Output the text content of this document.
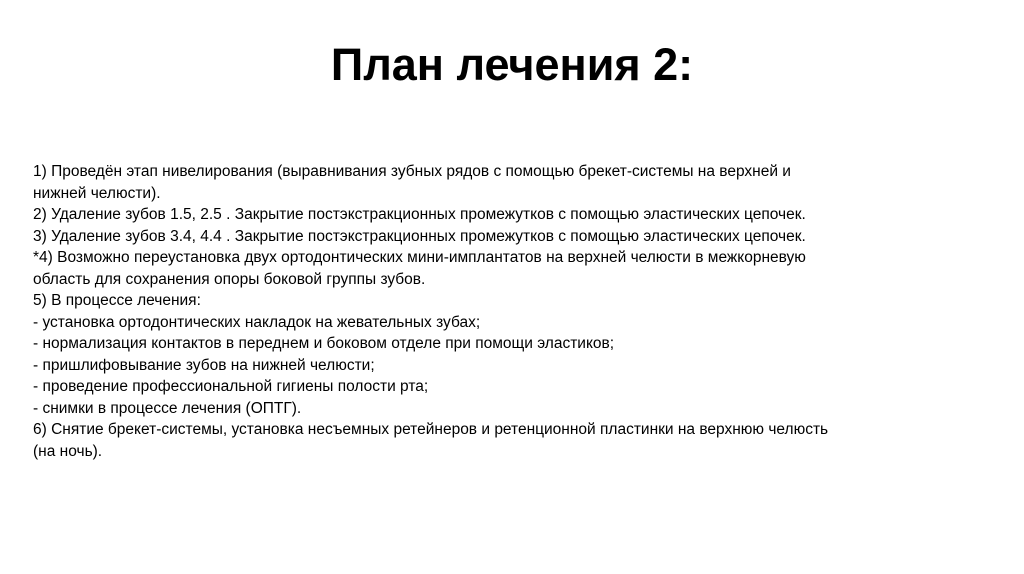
План лечения 2:
1) Проведён этап нивелирования (выравнивания зубных рядов с помощью брекет-системы на верхней и
нижней челюсти).
2) Удаление зубов 1.5, 2.5 . Закрытие постэкстракционных промежутков с помощью эластических цепочек.
3) Удаление зубов 3.4, 4.4 . Закрытие постэкстракционных промежутков с помощью эластических цепочек.
*4) Возможно переустановка двух ортодонтических мини-имплантатов на верхней челюсти в межкорневую
область для сохранения опоры боковой группы зубов.
5) В процессе лечения:
- установка ортодонтических накладок на жевательных зубах;
- нормализация контактов в переднем и боковом отделе при помощи эластиков;
- пришлифовывание зубов на нижней челюсти;
- проведение профессиональной гигиены полости рта;
- снимки в процессе лечения (ОПТГ).
6) Снятие брекет-системы, установка несъемных ретейнеров и ретенционной пластинки на верхнюю челюсть
(на ночь).
